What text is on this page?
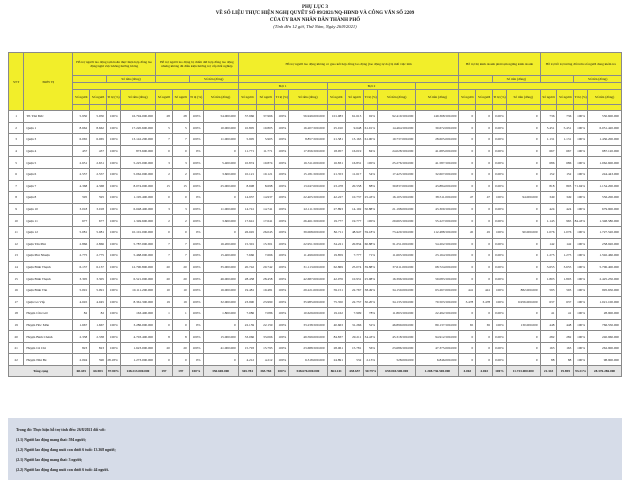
PHỤ LỤC 3
VỀ SỐ LIỆU THỰC HIỆN NGHỊ QUYẾT SỐ 09/2021/NQ-HĐND VÀ CÔNG VĂN SỐ 2209
CỦA ỦY BAN NHÂN DÂN THÀNH PHỐ
(Tính đến 12 giờ, Thứ Năm, Ngày 26/8/2021)
STT	ĐƠN VỊ	Hỗ trợ người lao động tạm hoãn thực hiện hợp đồng lao động/nghỉ việc không hưởng lương				Hỗ trợ người lao động bị chấm dứt hợp đồng lao động nhưng không đủ điều kiện hưởng trợ cấp thất nghiệp				Hỗ trợ người lao động không có giao kết hợp đồng lao động (lao động tự do) bị mất việc làm									Hỗ trợ hộ kinh doanh phải tạm ngừng kinh doanh				Hỗ trợ hỗ trợ tương đối trên số người đang kiểm tra			
				Số tiền (đồng)				Số tiền (đồng)													Số tiền (đồng)				Số tiền (đồng)	
										Đợt 1				Đợt 2												
		Số người	Số người	Tỉ lệ (%)	Số tiền (đồng)	Số người	Số người	Tỉ lệ (%)	Số tiền (đồng)	Số người	Số người	Tỉ lệ (%)	Số tiền (đồng)	Số người	Số người	Tỉ lệ (%)	Số tiền (đồng)	Số tiền (đồng)	Số người	Số người	Tỉ lệ (%)	Số tiền (đồng)	Số người	Số người	Tỉ lệ (%)	Số tiền (đồng)

1	TP. Thủ Đức	5.950	5.950	100%	16.794.000.000	28	28	100%	54.000.000	37.966	37.966	100%	56.949.000.000	101.083	61.613	92%	92.419.500.000	149.368.500.000	0	0	0.00%	0	736	736	100%	550.600.000
2	Quận 1	8.662	8.662	100%	17.220.600.000	5	5	100%	10.000.000	10.805	10.805	100%	16.207.500.000	25.010	9.648	61.91%	14.464.500.000	30.672.000.000	0	0	0.00%	0	5.451	5.451	100%	6.051.420.000
3	Quận 3	6.065	6.065	100%	13.142.200.000	7	7	100%	11.000.000	5.905	5.905	100%	8.857.500.000	21.581	13.163	61.00%	19.737.000.000	28.605.000.000	0	0	0.00%	0	1.131	1.131	100%	1.436.200.000
4	Quận 4	437	437	100%	873.600.000	0	0	0%	0	11.771	11.771	100%	17.656.500.000	18.957	16.019	84%	24.028.500.000	41.685.000.000	0	0	0.00%	0	667	667	100%	987.120.000
5	Quận 5	2.651	2.651	100%	5.225.000.000	3	3	100%	5.400.000	10.874	10.874	100%	16.311.000.000	16.831	16.831	100%	25.276.500.000	41.587.500.000	0	0	0.00%	0	686	686	100%	1.062.600.000
6	Quận 6	2.557	2.557	100%	5.062.000.000	2	2	100%	3.600.000	10.121	10.121	100%	15.181.500.000	21.353	11.617	54%	17.425.500.000	32.607.000.000	0	0	0.00%	0	152	152	100%	244.443.000
7	Quận 7	4.368	4.368	100%	8.074.000.000	15	15	100%	25.000.000	8.698	8.698	100%	13.047.000.000	23.478	20.558	88%	30.837.000.000	43.884.000.000	0	0	0.00%	0	818	803	71.94%	1.154.200.000
8	Quận 8	595	595	100%	1.195.400.000	0	0	0%	0	14.937	14.937	100%	22.405.500.000	42.227	10.737	25.43%	16.105.500.000	38.511.000.000	47	47	100%	94.000.000	349	349	100%	556.200.000
9	Quận 10	3.018	3.018	100%	6.048.400.000	3	3	100%	11.000.000	14.741	14.741	100%	22.111.500.000	27.893	14.192	50.88%	21.198.000.000	43.309.500.000	0	0	0.00%	0	424	424	100%	679.900.000
10	Quận 11	677	677	100%	1.349.600.000	2	2	100%	3.600.000	17.641	17.641	100%	26.461.500.000	19.777	19.777	100%	29.665.500.000	55.227.000.000	0	0	0.00%	0	1.143	965	84.43%	1.348.580.000
11	Quận 12	5.081	5.081	100%	10.101.000.000	0	0	0%	0	26.045	26.045	100%	39.068.000.000	82.711	48.947	59.18%	73.420.500.000	112.488.500.000	45	45	100%	90.000.000	1.076	1.076	100%	1.727.520.000
12	Quận Tân Phú	2.866	2.866	100%	5.787.000.000	7	7	100%	16.200.000	15.301	15.301	100%	22.951.500.000	34.221	20.834	60.88%	31.251.000.000	54.202.500.000	0	0	0.00%	0	142	142	100%	258.920.000
13	Quận Phú Nhuận	2.775	2.775	100%	5.468.000.000	7	7	100%	15.400.000	7.666	7.666	100%	11.499.000.000	19.859	7.777	71%	11.665.500.000	23.164.500.000	0	0	0.00%	0	1.275	1.275	100%	1.592.460.000
14	Quận Bình Thạnh	6.137	6.137	100%	12.790.800.000	20	20	100%	35.000.000	20.742	20.742	100%	31.113.000.000	62.869	25.074	39.88%	37.611.000.000	68.724.000.000	0	0	0.00%	0	3.655	3.655	100%	5.706.400.000
15	Quận Bình Thạnh	3.305	3.305	100%	6.521.000.000	20	20	100%	46.000.000	28.458	28.458	100%	42.687.000.000	42.076	10.931	25.98%	16.396.500.000	59.083.500.000	0	0	0.00%	0	1.803	1.803	100%	2.425.250.000
16	Quận Bình Tân	5.091	5.091	100%	10.111.200.000	10	10	100%	16.000.000	19.481	19.481	100%	29.221.000.000	59.151	22.767	38.49%	34.150.000.000	63.267.000.000	441	441	100%	882.000.000	593	593	100%	995.650.000
17	Quận Gò Vấp	4.045	4.045	100%	8.361.300.000	19	19	100%	32.000.000	23.990	23.990	100%	35.985.000.000	75.350	22.757	30.20%	34.135.500.000	70.503.500.000	3.478	3.478	100%	6.956.000.000	637	637	100%	1.021.100.000
18	Huyện Cần Giờ	82	82	100%	163.400.000	1	1	100%	1.800.000	7.086	7.086	100%	10.629.000.000	19.162	7.909	78%	11.863.500.000	22.492.500.000	0	0	0.00%	0	41	41	100%	28.900.000
19	Huyện Hóc Môn	1.667	1.667	100%	3.286.000.000	0	0	0%	0	22.159	22.159	100%	33.238.500.000	40.663	31.266	52%	46.899.000.000	80.137.500.000	65	65	100%	130.000.000	448	448	100%	766.550.000
20	Huyện Bình Chánh	2.338	2.338	100%	4.703.400.000	8	8	100%	15.000.000	33.066	33.066	100%	49.599.000.000	84.837	29.211	34.43%	45.318.500.000	94.912.500.000	0	0	0.00%	0	282	282	100%	240.960.000
21	Huyện Củ Chi	823	823	100%	1.623.000.000	20	20	100%	41.000.000	15.793	15.793	100%	23.688.500.000	28.061	15.781	56%	23.686.500.000	47.375.000.000	0	0	0.00%	0	163	163	100%	262.900.000
22	Huyện Nhà Bè	2.094	590	28.18%	1.273.000.000	0	0	0%	0	4.212	4.212	100%	6.318.000.000	24.891	532	2.13%	528.000.000	6.846.000.000	0	0	0.00%	0	88	88	100%	98.900.000
Tổng cộng		68.435	66.903	97.80%	148.213.000.000	197	197	100%	350.600.000	365.784	365.784	100%	548.676.000.000	864.141	438.657	50.79%	659.004.500.000	1.208.736.500.000	4.063	4.063	100%	11.723.000.000	21.343	19.895	93.21%	28.376.286.000
Trong đó: Thực hiện hỗ trợ tính đến: 26/8/2021 đối với:
(1.1) Người lao động mang thai: 594 người;
(1.2) Người lao động đang nuôi con dưới 6 tuổi: 13.368 người;
(2.1) Người lao động mang thai: 3 người;
(2.2) Người lao động đang nuôi con dưới 6 tuổi: 44 người.
